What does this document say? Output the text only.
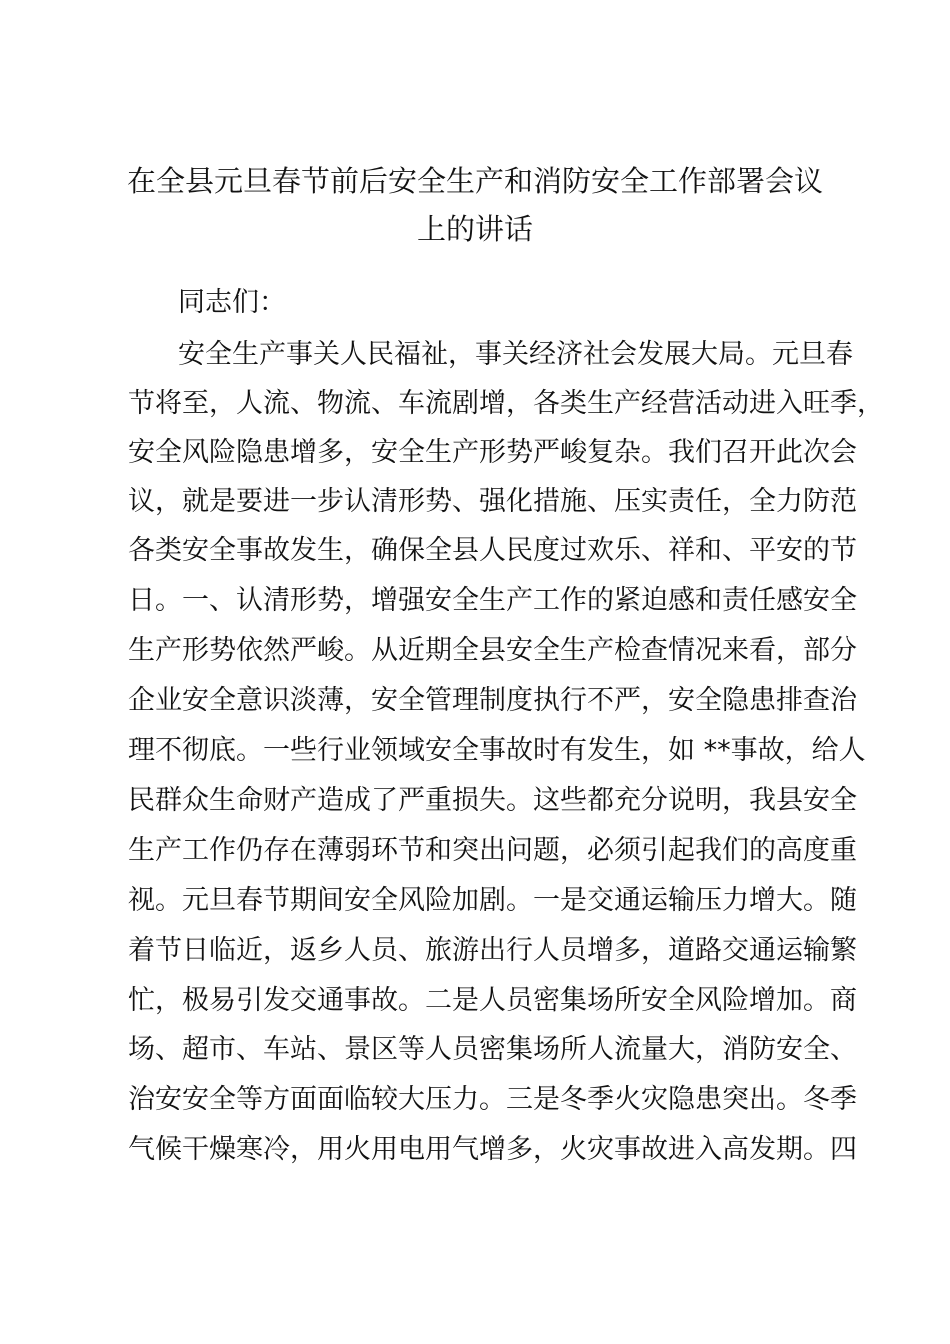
在全县元旦春节前后安全生产和消防安全工作部署会议
上的讲话

同志们：

安全生产事关人民福祉，事关经济社会发展大局。元旦春

节将至，人流、物流、车流剧增，各类生产经营活动进入旺季，

安全风险隐患增多，安全生产形势严峻复杂。我们召开此次会

议，就是要进一步认清形势、强化措施、压实责任，全力防范

各类安全事故发生，确保全县人民度过欢乐、祥和、平安的节

日。一、认清形势，增强安全生产工作的紧迫感和责任感安全

生产形势依然严峻。从近期全县安全生产检查情况来看，部分

企业安全意识淡薄，安全管理制度执行不严，安全隐患排查治

理不彻底。一些行业领域安全事故时有发生，如 **事故，给人

民群众生命财产造成了严重损失。这些都充分说明，我县安全

生产工作仍存在薄弱环节和突出问题，必须引起我们的高度重

视。元旦春节期间安全风险加剧。一是交通运输压力增大。随

着节日临近，返乡人员、旅游出行人员增多，道路交通运输繁

忙，极易引发交通事故。二是人员密集场所安全风险增加。商

场、超市、车站、景区等人员密集场所人流量大，消防安全、

治安安全等方面面临较大压力。三是冬季火灾隐患突出。冬季

气候干燥寒冷，用火用电用气增多，火灾事故进入高发期。四
